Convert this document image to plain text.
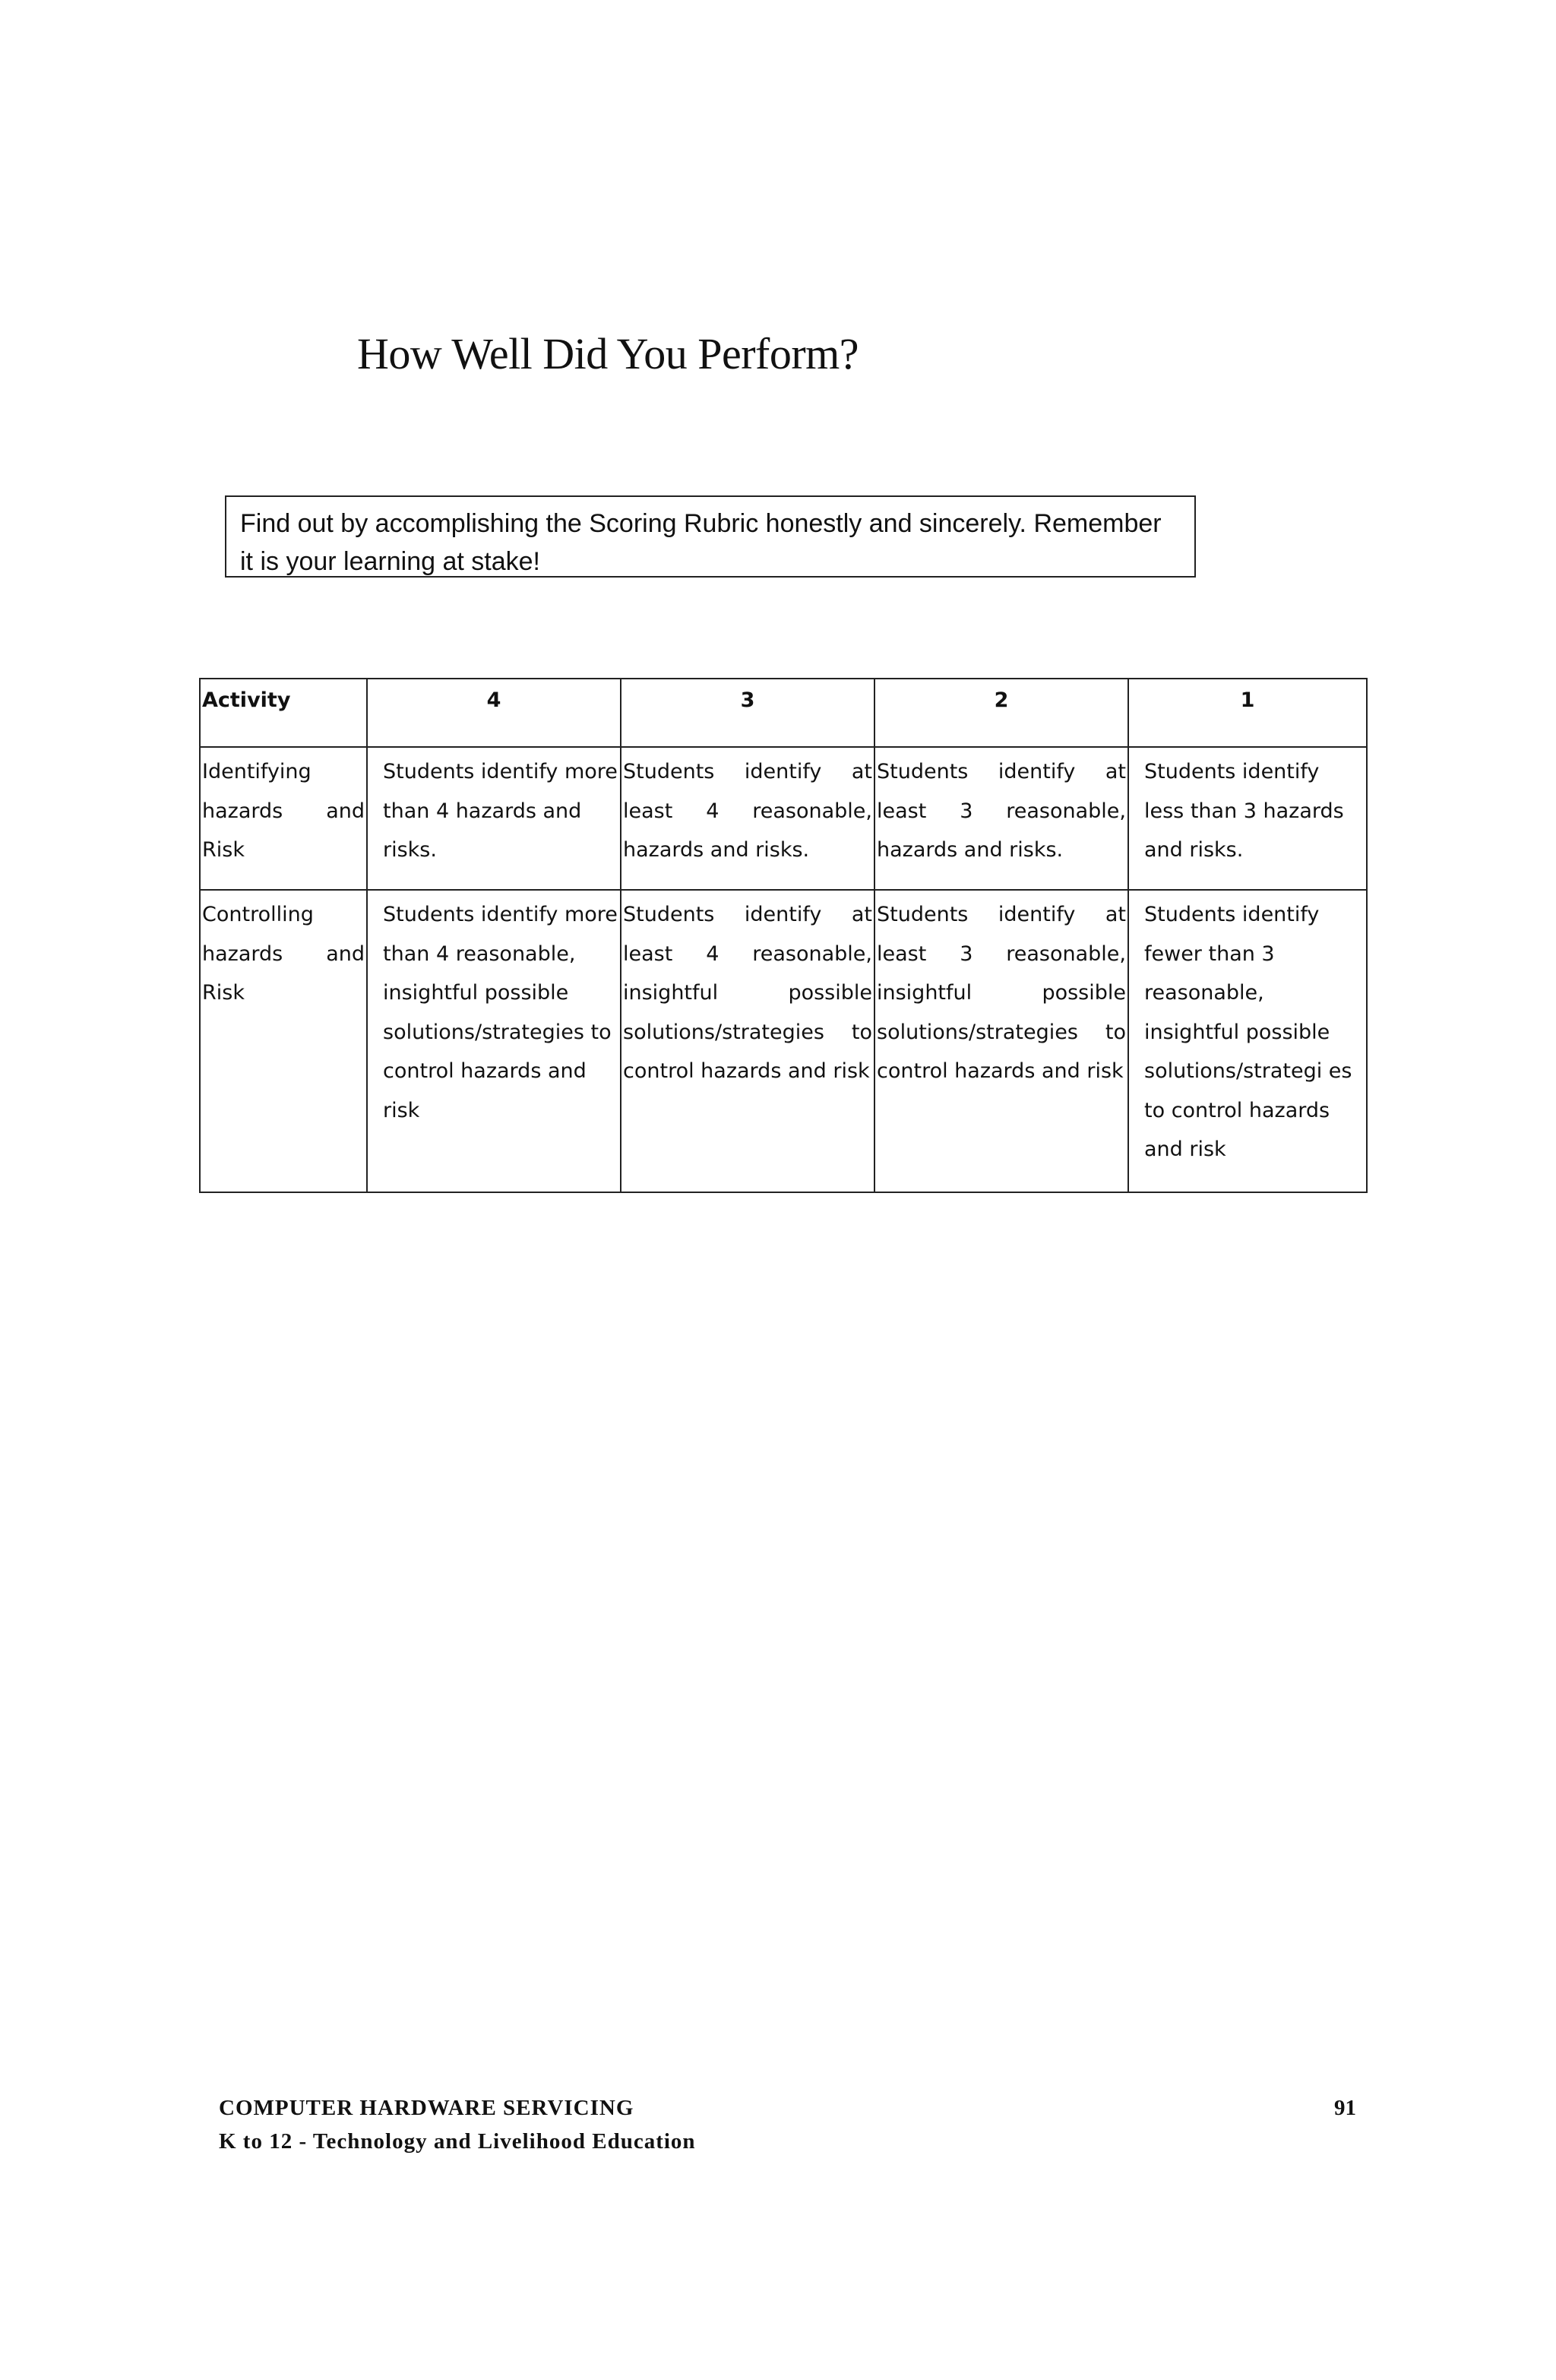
How Well Did You Perform?
Find out by accomplishing the Scoring Rubric honestly and sincerely. Remember it is your learning at stake!
Activity	4	3	2	1
Identifying hazards and Risk	Students identify more than 4 hazards and risks.	Students identify at least 4 reasonable, hazards and risks.	Students identify at least 3 reasonable, hazards and risks.	Students identify less than 3 hazards and risks.
Controlling hazards and Risk	Students identify more than 4 reasonable, insightful possible solutions/strategies to control hazards and risk	Students identify at least 4 reasonable, insightful possible solutions/strategies to control hazards and risk	Students identify at least 3 reasonable, insightful possible solutions/strategies to control hazards and risk	Students identify fewer than 3 reasonable, insightful possible solutions/strategi es to control hazards and risk
COMPUTER HARDWARE SERVICING
K to 12 - Technology and Livelihood Education
91
